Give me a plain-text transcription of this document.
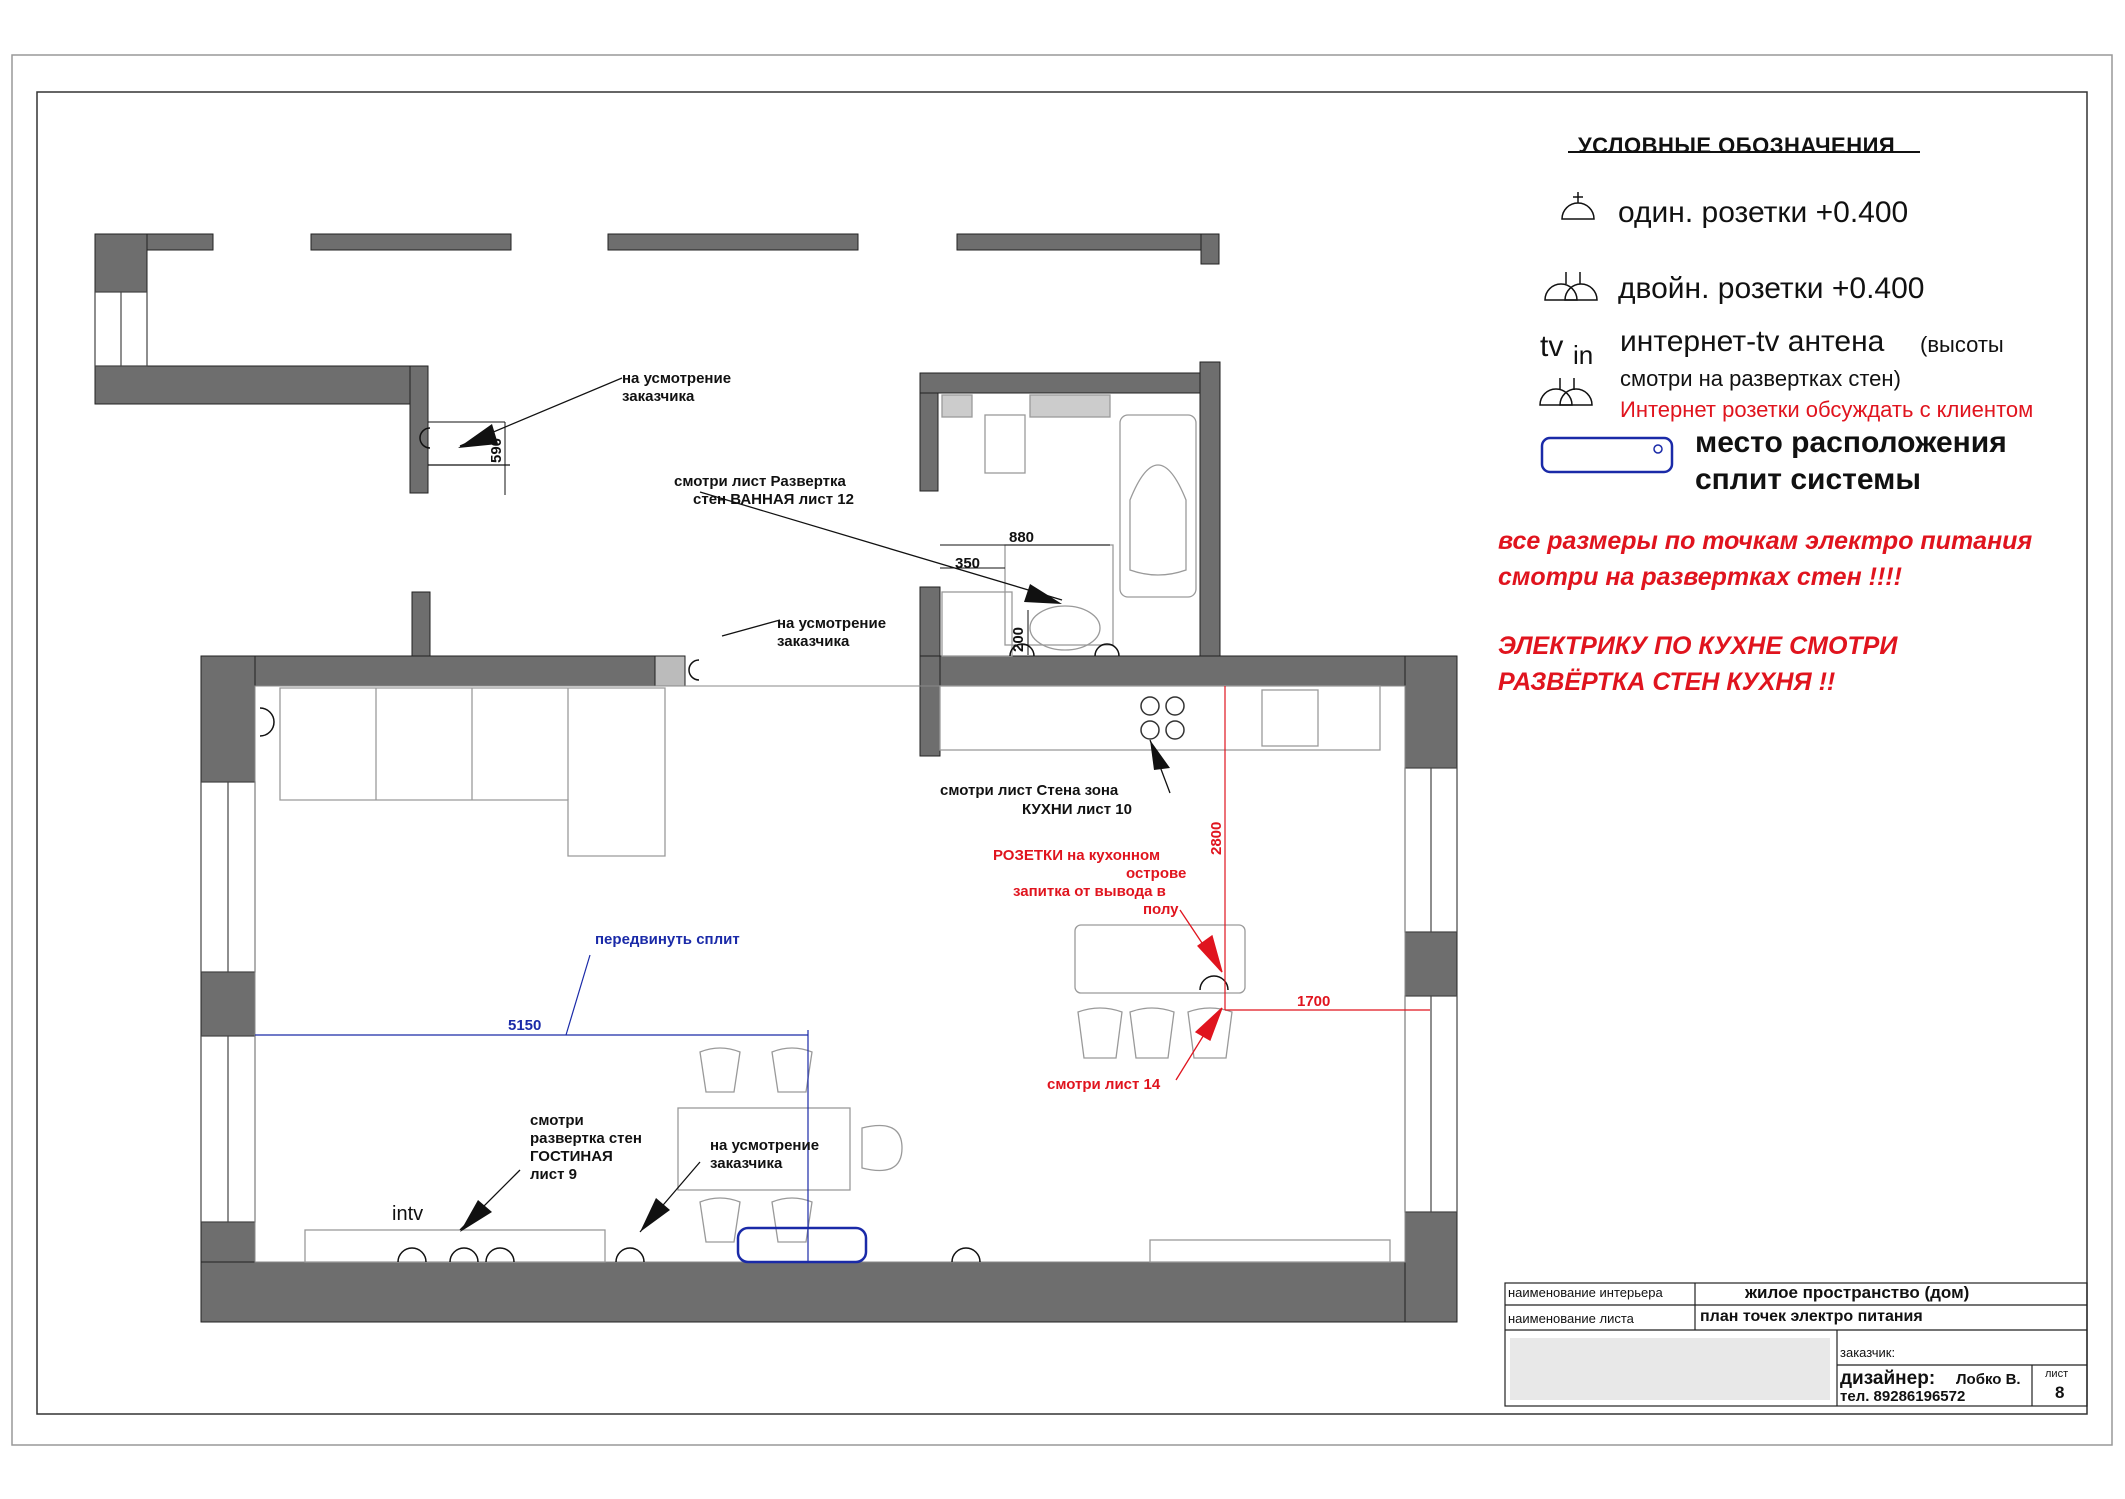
УСЛОВНЫЕ ОБОЗНАЧЕНИЯ
один. розетки +0.400
двойн. розетки +0.400
tv in интернет-tv антена (высоты
смотри на развертках стен)
Интернет розетки обсуждать с клиентом
место расположения
сплит системы
все размеры по точкам электро питания
смотри на развертках стен !!!!
ЭЛЕКТРИКУ ПО КУХНЕ СМОТРИ
РАЗВЁРТКА СТЕН КУХНЯ !!
на усмотрение
заказчика
смотри лист Развертка
стен ВАННАЯ лист 12
на усмотрение
заказчика
смотри лист Стена зона
КУХНИ лист 10
РОЗЕТКИ на кухонном
острове
запитка от вывода в
полу
передвинуть сплит
смотри
развертка стен
ГОСТИНАЯ
лист 9
на усмотрение
заказчика
смотри лист 14
intv
590
880
350
200
2800
1700
5150
наименование интерьера	жилое пространство (дом)
наименование листа	план точек электро питания
заказчик:
дизайнер: Лобко В.
тел. 89286196572
лист
8
